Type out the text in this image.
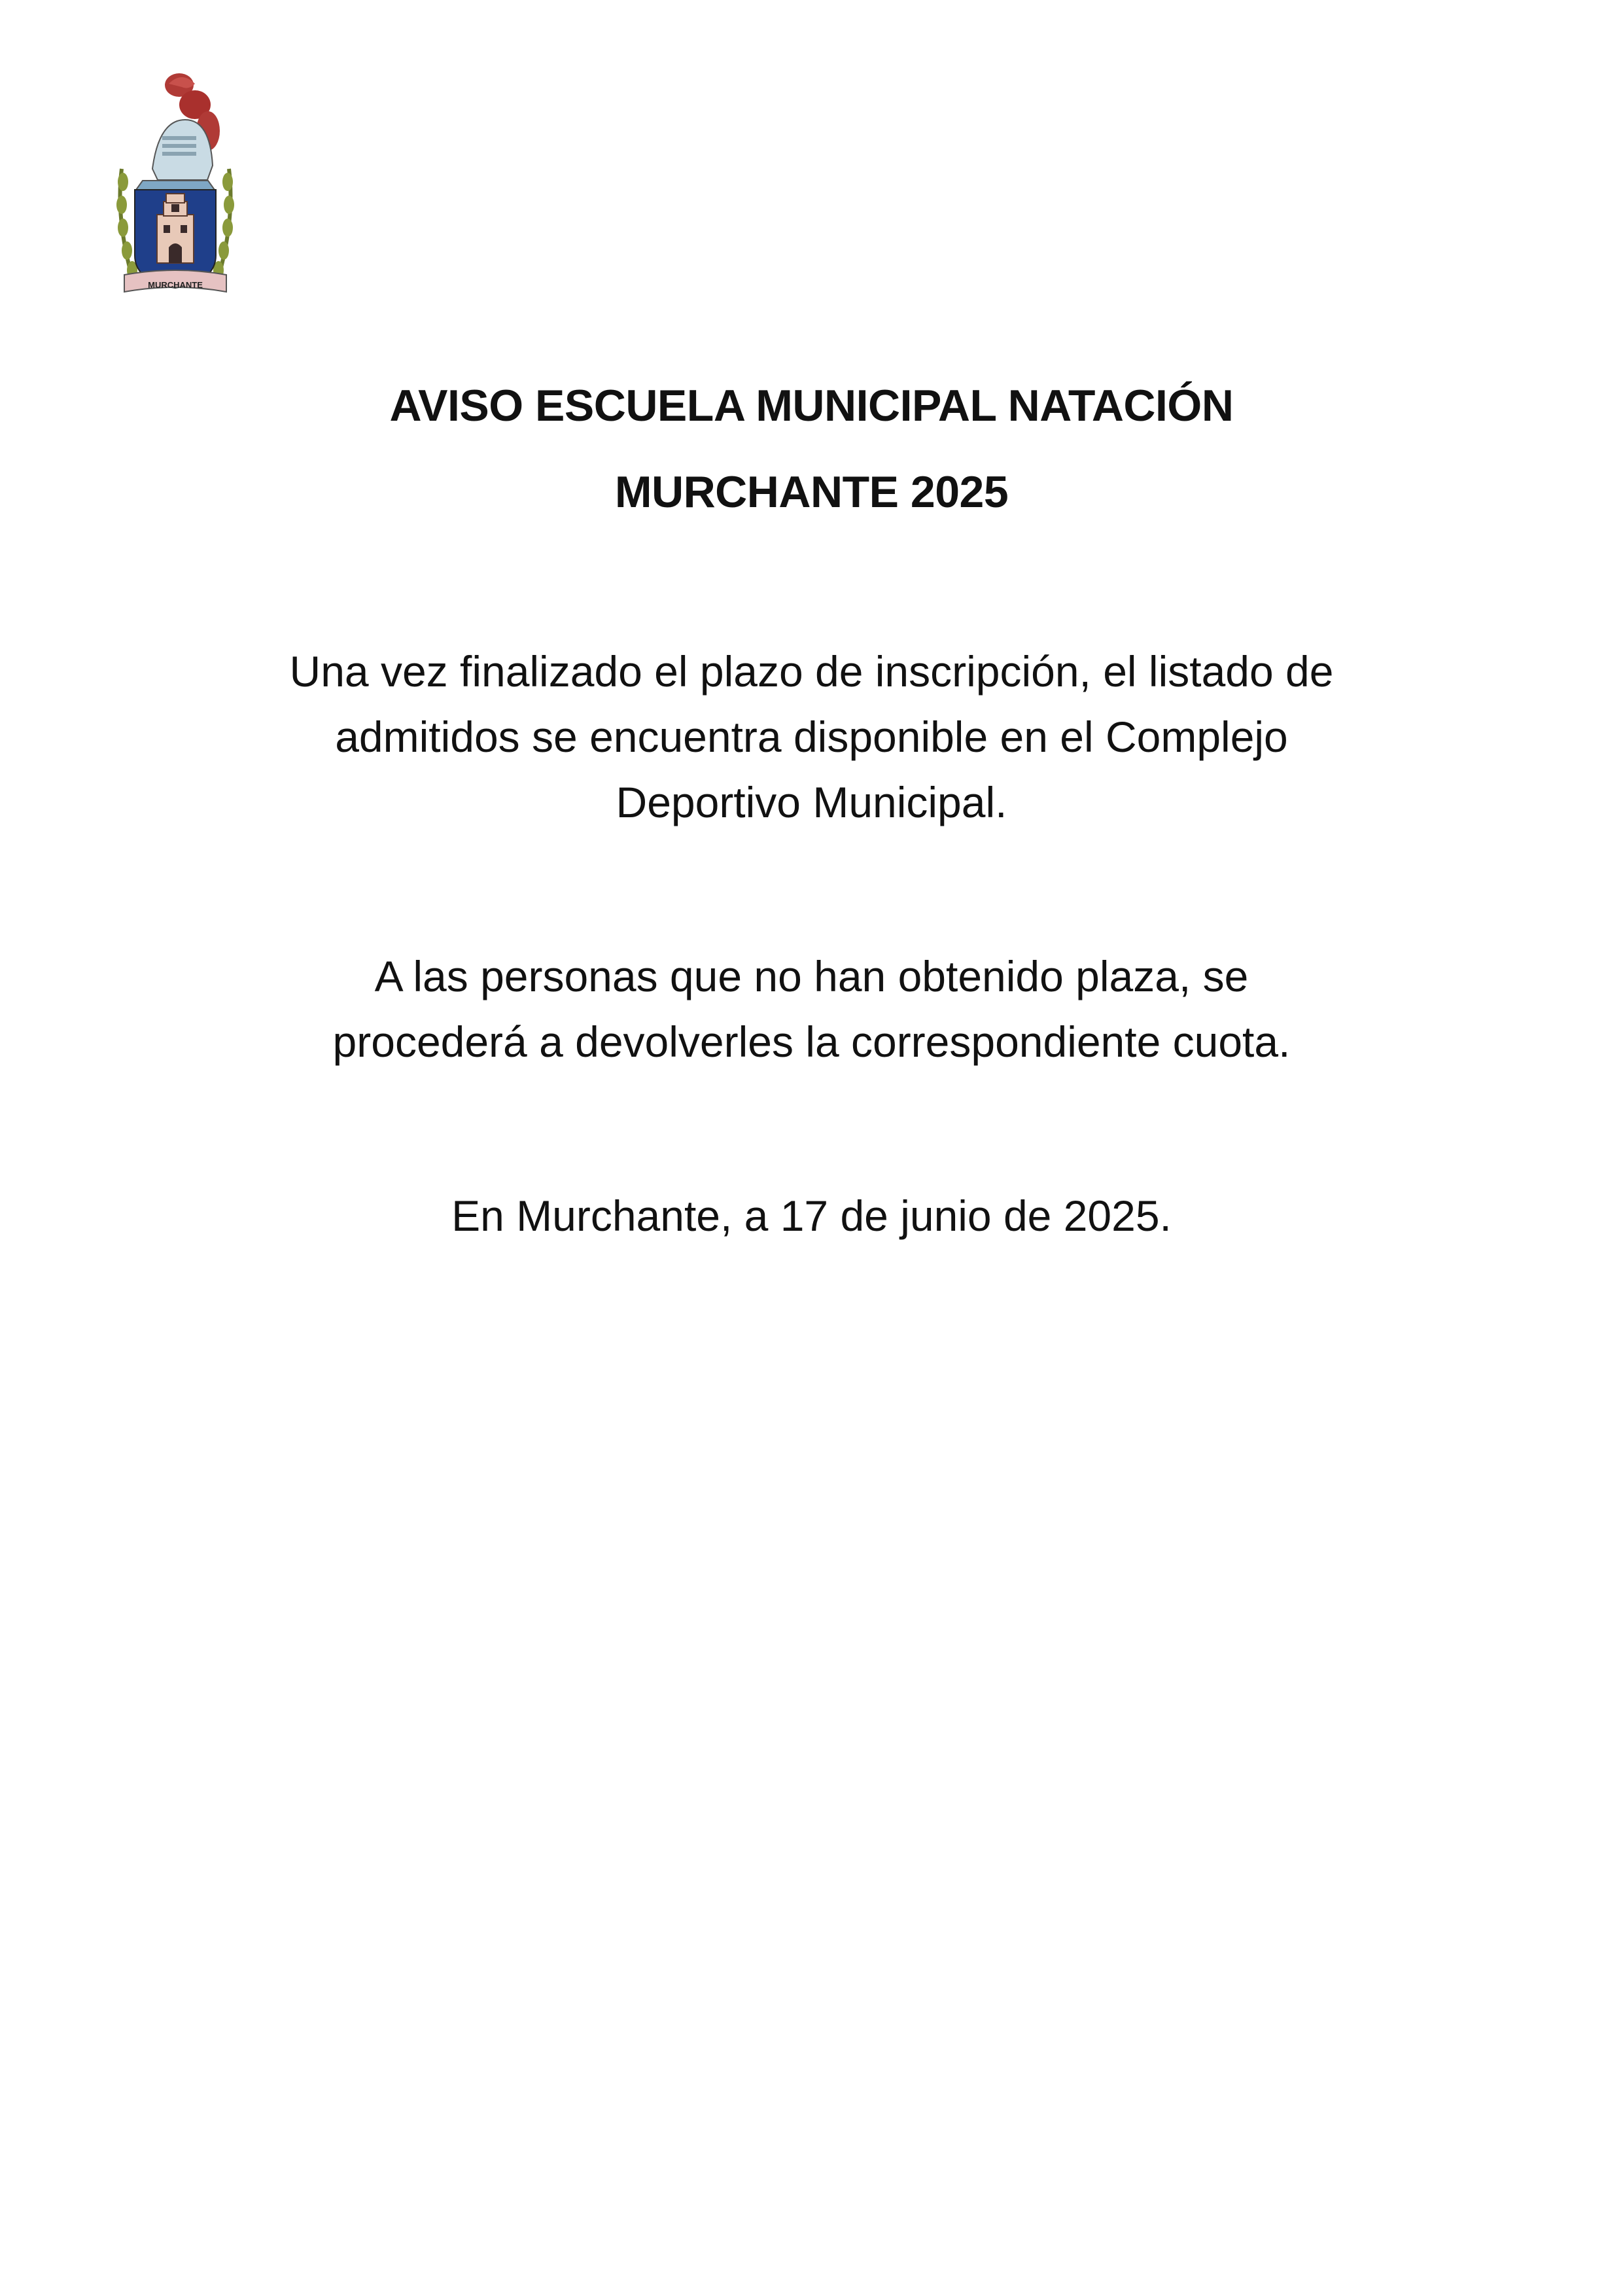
MURCHANTE
AVISO ESCUELA MUNICIPAL NATACIÓN
MURCHANTE 2025
Una vez finalizado el plazo de inscripción, el listado de
admitidos se encuentra disponible en el Complejo
Deportivo Municipal.
A las personas que no han obtenido plaza, se
procederá a devolverles la correspondiente cuota.
En Murchante, a 17 de junio de 2025.
